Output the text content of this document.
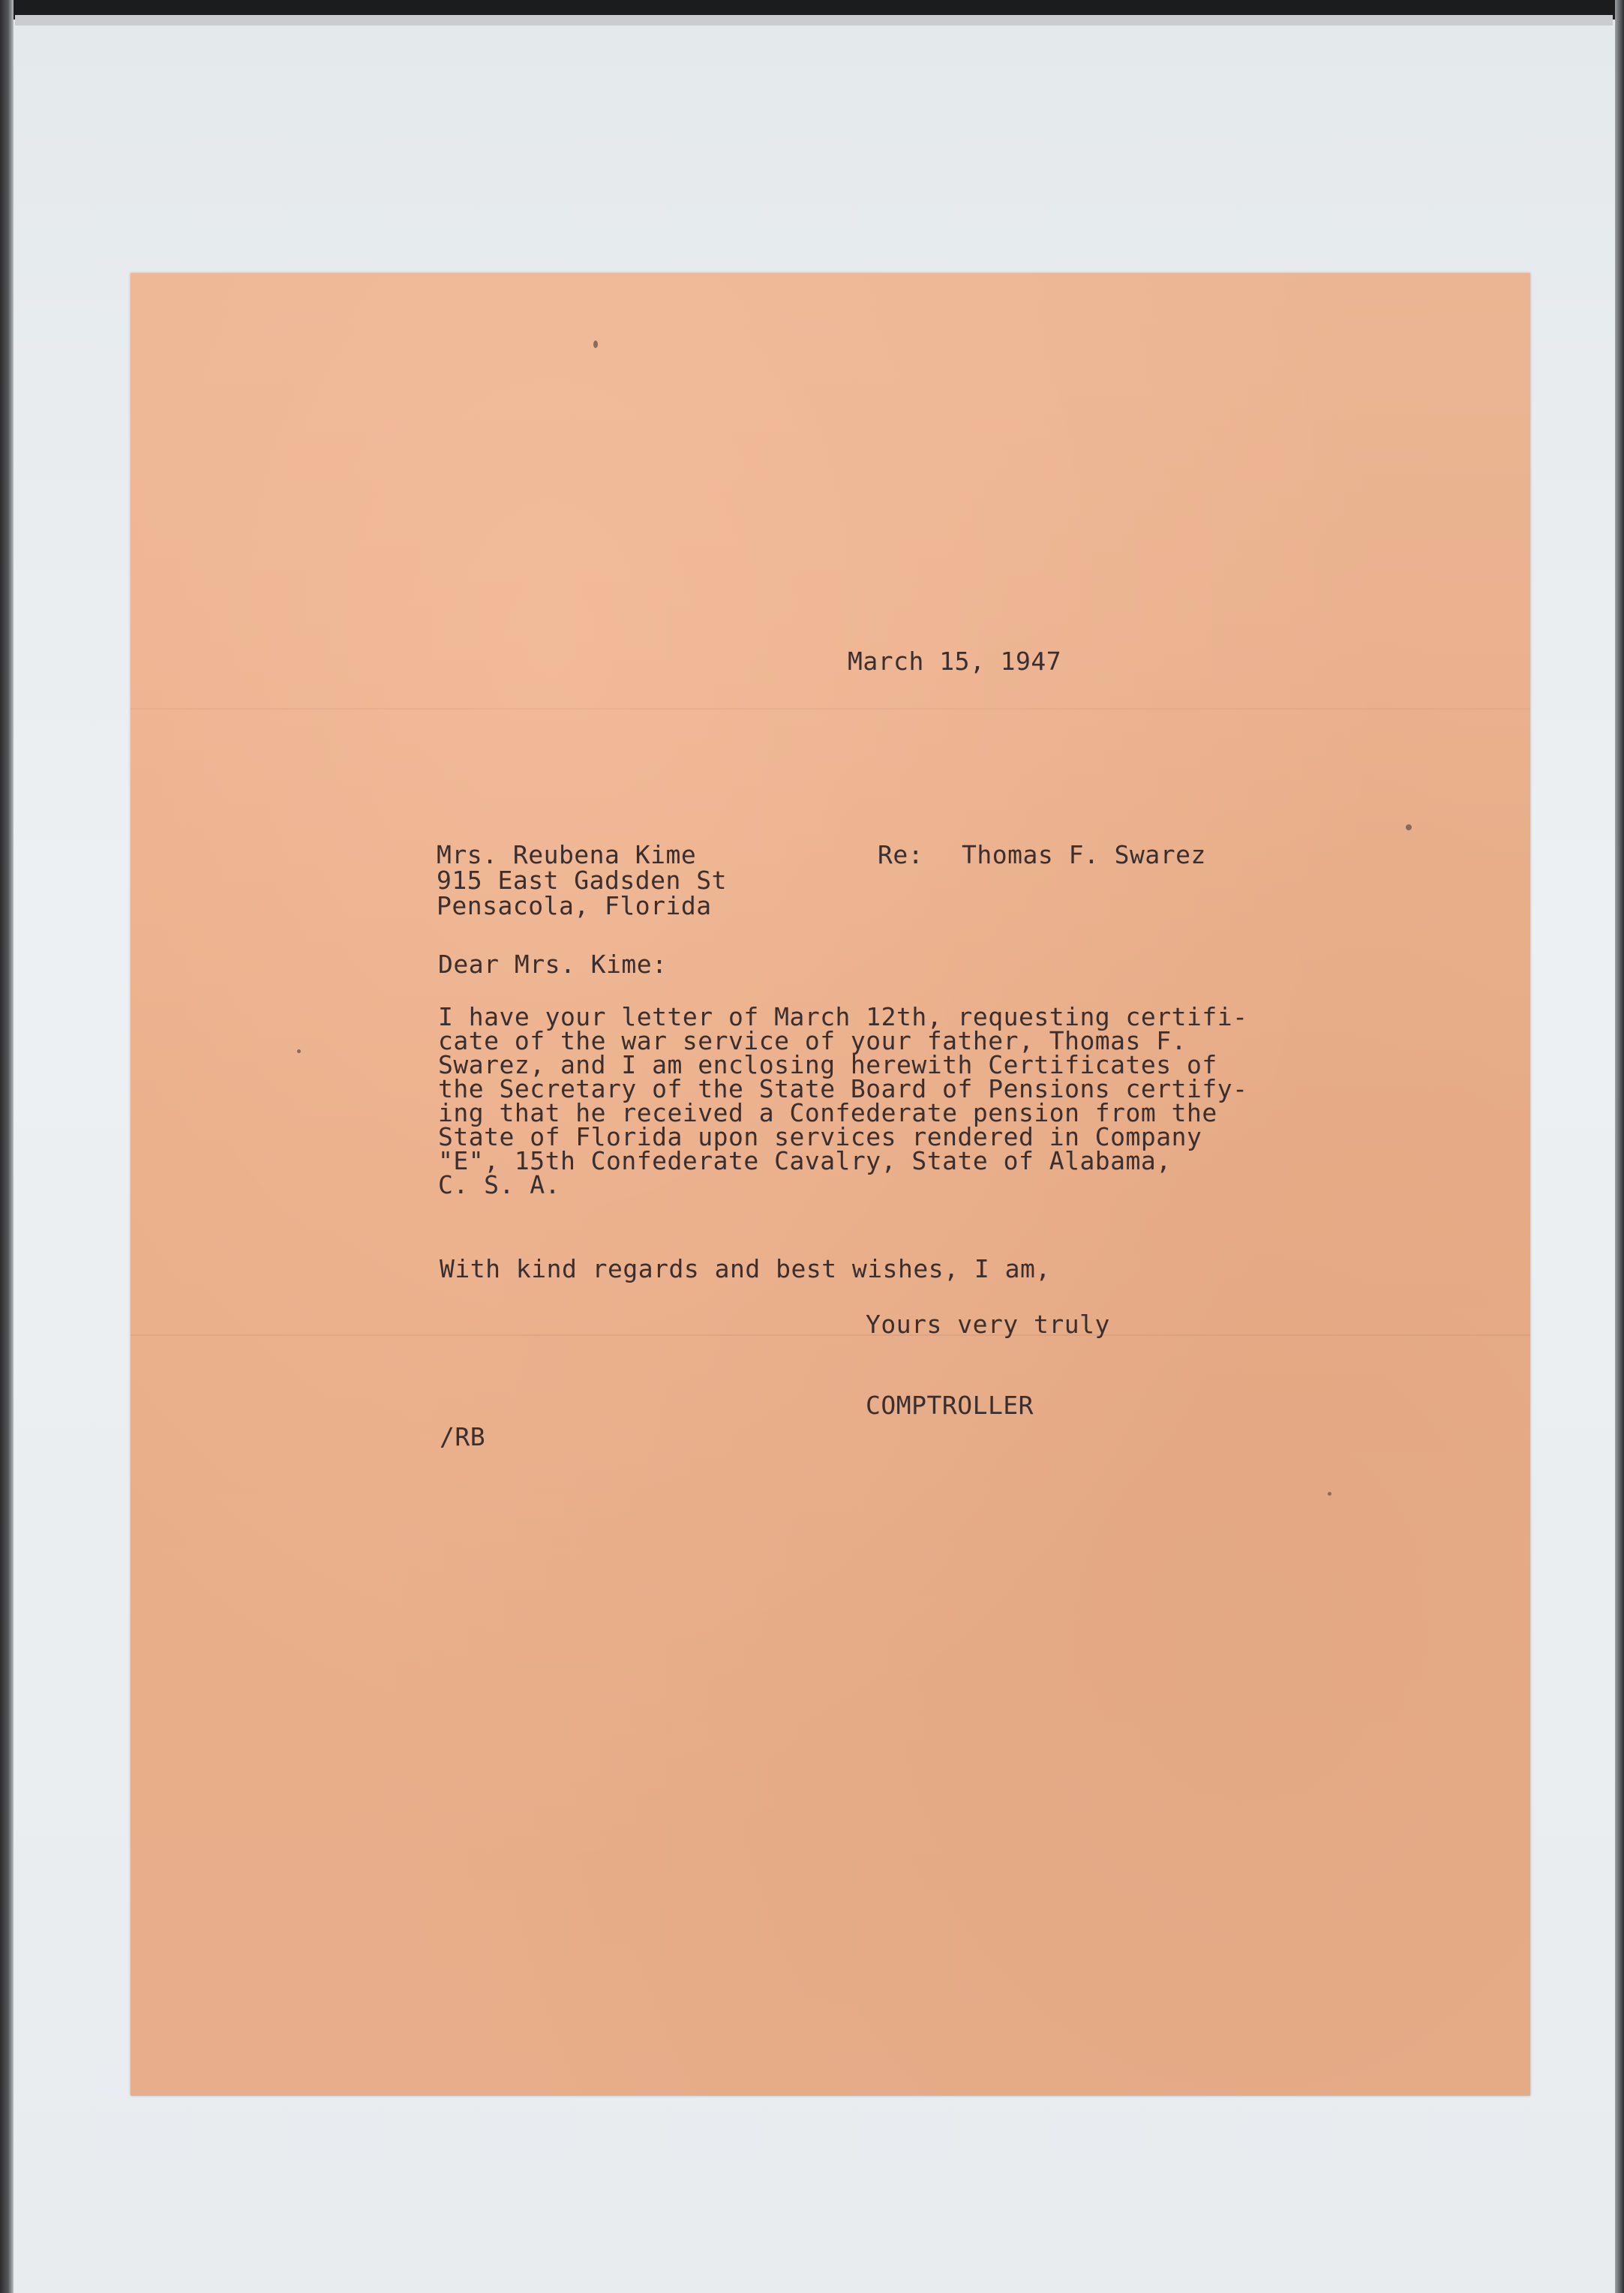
March 15, 1947
Mrs. Reubena Kime
915 East Gadsden St
Pensacola, Florida
Re: Thomas F. Swarez
Dear Mrs. Kime:
I have your letter of March 12th, requesting certifi-
cate of the war service of your father, Thomas F.
Swarez, and I am enclosing herewith Certificates of
the Secretary of the State Board of Pensions certify-
ing that he received a Confederate pension from the
State of Florida upon services rendered in Company
"E", 15th Confederate Cavalry, State of Alabama,
C. S. A.
With kind regards and best wishes, I am,
Yours very truly
COMPTROLLER
/RB
